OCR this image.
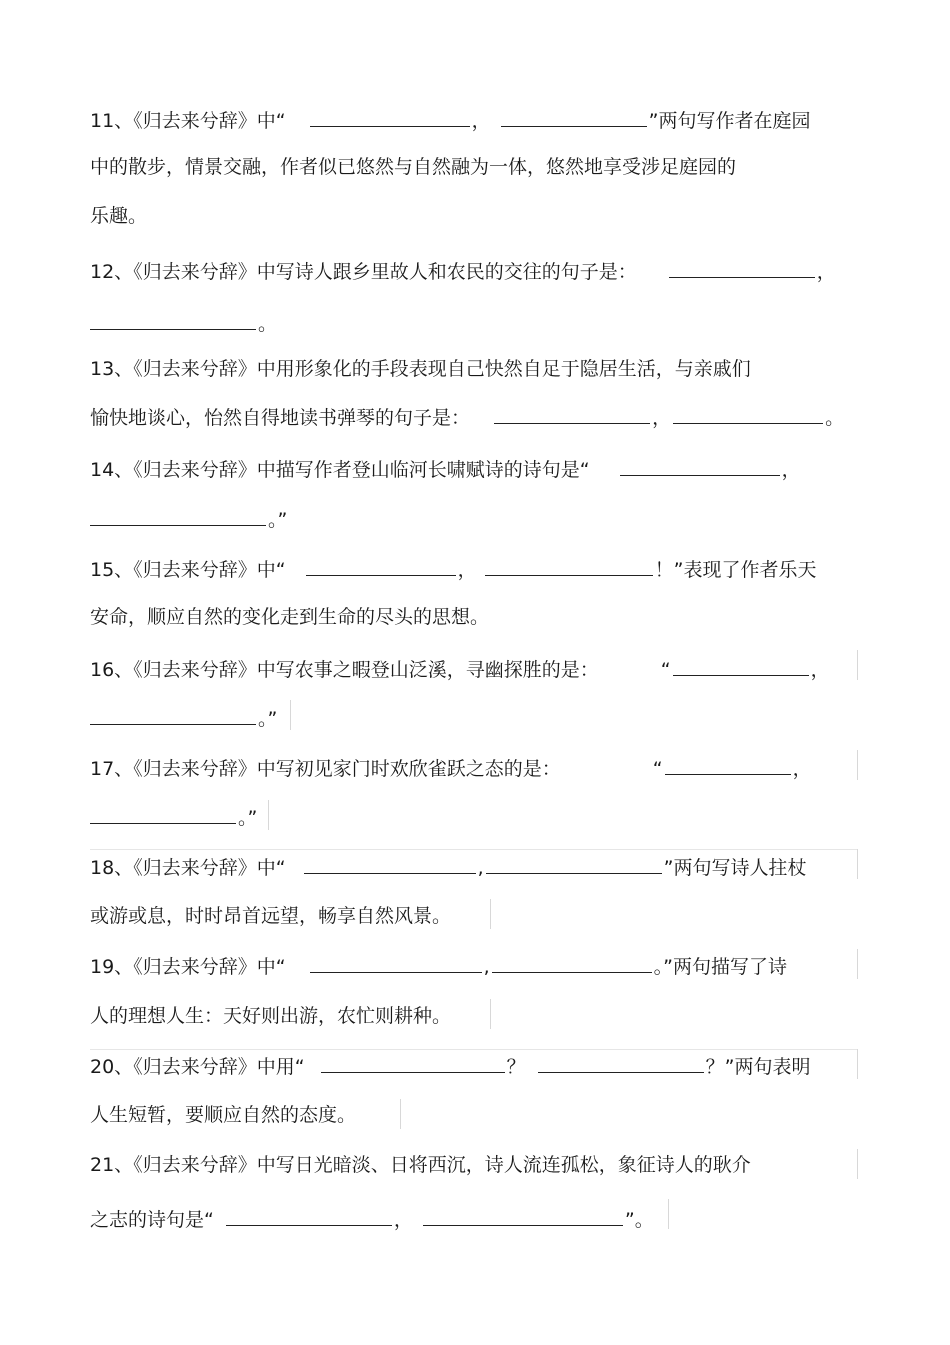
11、《归去来兮辞》中“	，	”两句写作者在庭园
中的散步，情景交融，作者似已悠然与自然融为一体，悠然地享受涉足庭园的
乐趣。
12、《归去来兮辞》中写诗人跟乡里故人和农民的交往的句子是：	，
。
13、《归去来兮辞》中用形象化的手段表现自己快然自足于隐居生活，与亲戚们
愉快地谈心，怡然自得地读书弹琴的句子是：	，	。
14、《归去来兮辞》中描写作者登山临河长啸赋诗的诗句是“	，
。”
15、《归去来兮辞》中“	，	！”表现了作者乐天
安命，顺应自然的变化走到生命的尽头的思想。
16、《归去来兮辞》中写农事之暇登山泛溪，寻幽探胜的是：	“	，
。”
17、《归去来兮辞》中写初见家门时欢欣雀跃之态的是：	“	，
。”
18、《归去来兮辞》中“	,	”两句写诗人拄杖
或游或息，时时昂首远望，畅享自然风景。
19、《归去来兮辞》中“	,	。”两句描写了诗
人的理想人生：天好则出游，农忙则耕种。
20、《归去来兮辞》中用“	？	？”两句表明
人生短暂，要顺应自然的态度。
21、《归去来兮辞》中写日光暗淡、日将西沉，诗人流连孤松，象征诗人的耿介
之志的诗句是“	，	”。
